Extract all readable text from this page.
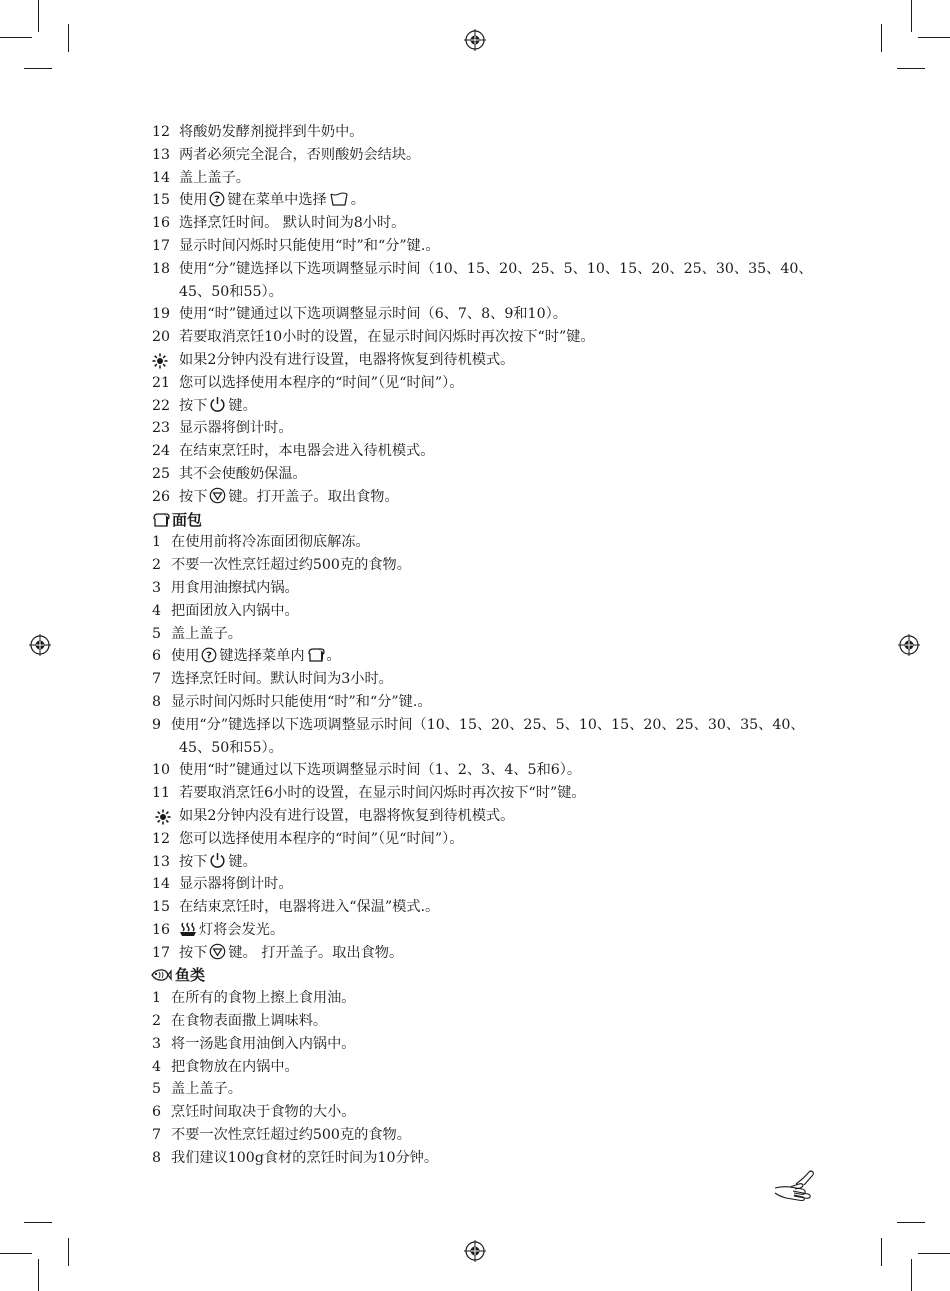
12 将酸奶发酵剂搅拌到牛奶中。
13 两者必须完全混合，否则酸奶会结块。
14 盖上盖子。
15 使用 ? 键在菜单中选择 。
16 选择烹饪时间。 默认时间为8小时。
17 显示时间闪烁时只能使用“时”和“分”键.。
18 使用“分”键选择以下选项调整显示时间（10、15、20、25、5、10、15、20、25、30、35、40、
45、50和55）。
19 使用“时”键通过以下选项调整显示时间（6、7、8、9和10）。
20 若要取消烹饪10小时的设置，在显示时间闪烁时再次按下“时”键。
如果2分钟内没有进行设置，电器将恢复到待机模式。
21 您可以选择使用本程序的“时间”（见“时间”）。
22 按下 键。
23 显示器将倒计时。
24 在结束烹饪时，本电器会进入待机模式。
25 其不会使酸奶保温。
26 按下 键。打开盖子。取出食物。
面包
1 在使用前将冷冻面团彻底解冻。
2 不要一次性烹饪超过约500克的食物。
3 用食用油擦拭内锅。
4 把面团放入内锅中。
5 盖上盖子。
6 使用 ? 键选择菜单内 。
7 选择烹饪时间。默认时间为3小时。
8 显示时间闪烁时只能使用“时”和“分”键.。
9 使用“分”键选择以下选项调整显示时间（10、15、20、25、5、10、15、20、25、30、35、40、
45、50和55）。
10 使用“时”键通过以下选项调整显示时间（1、2、3、4、5和6）。
11 若要取消烹饪6小时的设置，在显示时间闪烁时再次按下“时”键。
如果2分钟内没有进行设置，电器将恢复到待机模式。
12 您可以选择使用本程序的“时间”（见“时间”）。
13 按下 键。
14 显示器将倒计时。
15 在结束烹饪时，电器将进入“保温”模式.。
16 灯将会发光。
17 按下 键。 打开盖子。取出食物。
鱼类
1 在所有的食物上擦上食用油。
2 在食物表面撒上调味料。
3 将一汤匙食用油倒入内锅中。
4 把食物放在内锅中。
5 盖上盖子。
6 烹饪时间取决于食物的大小。
7 不要一次性烹饪超过约500克的食物。
8 我们建议100g食材的烹饪时间为10分钟。
